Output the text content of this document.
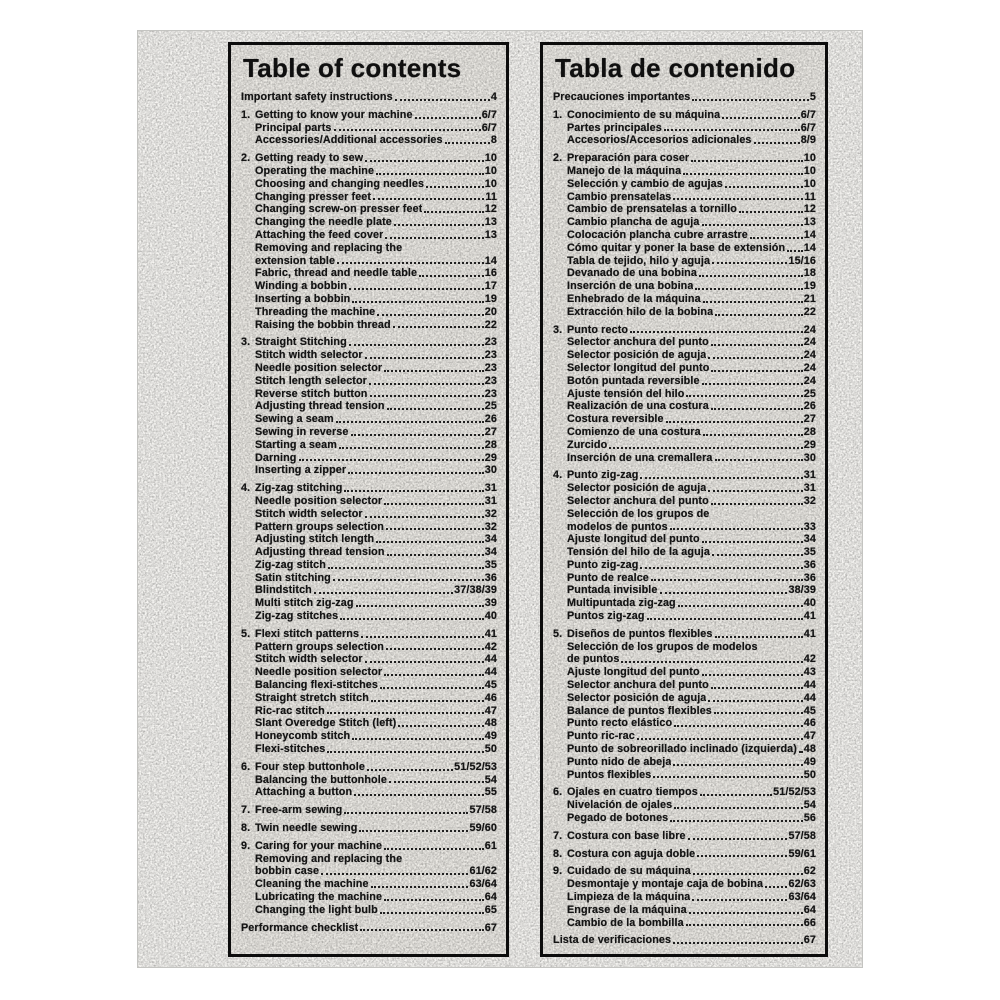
Table of contents
Important safety instructions	4
1. Getting to know your machine	6/7
Principal parts	6/7
Accessories/Additional accessories	8
2. Getting ready to sew	10
Operating the machine	10
Choosing and changing needles	10
Changing presser feet	11
Changing screw-on presser feet	12
Changing the needle plate	13
Attaching the feed cover	13
Removing and replacing the
extension table	14
Fabric, thread and needle table	16
Winding a bobbin	17
Inserting a bobbin	19
Threading the machine	20
Raising the bobbin thread	22
3. Straight Stitching	23
Stitch width selector	23
Needle position selector	23
Stitch length selector	23
Reverse stitch button	23
Adjusting thread tension	25
Sewing a seam	26
Sewing in reverse	27
Starting a seam	28
Darning	29
Inserting a zipper	30
4. Zig-zag stitching	31
Needle position selector	31
Stitch width selector	32
Pattern groups selection	32
Adjusting stitch length	34
Adjusting thread tension	34
Zig-zag stitch	35
Satin stitching	36
Blindstitch	37/38/39
Multi stitch zig-zag	39
Zig-zag stitches	40
5. Flexi stitch patterns	41
Pattern groups selection	42
Stitch width selector	44
Needle position selector	44
Balancing flexi-stitches	45
Straight stretch stitch	46
Ric-rac stitch	47
Slant Overedge Stitch (left)	48
Honeycomb stitch	49
Flexi-stitches	50
6. Four step buttonhole	51/52/53
Balancing the buttonhole	54
Attaching a button	55
7. Free-arm sewing	57/58
8. Twin needle sewing	59/60
9. Caring for your machine	61
Removing and replacing the
bobbin case	61/62
Cleaning the machine	63/64
Lubricating the machine	64
Changing the light bulb	65
Performance checklist	67
Tabla de contenido
Precauciones importantes	5
1. Conocimiento de su máquina	6/7
Partes principales	6/7
Accesorios/Accesorios adicionales	8/9
2. Preparación para coser	10
Manejo de la máquina	10
Selección y cambio de agujas	10
Cambio prensatelas	11
Cambio de prensatelas a tornillo	12
Cambio plancha de aguja	13
Colocación plancha cubre arrastre	14
Cómo quitar y poner la base de extensión 14
Tabla de tejido, hilo y aguja	15/16
Devanado de una bobina	18
Inserción de una bobina	19
Enhebrado de la máquina	21
Extracción hilo de la bobina	22
3. Punto recto	24
Selector anchura del punto	24
Selector posición de aguja	24
Selector longitud del punto	24
Botón puntada reversible	24
Ajuste tensión del hilo	25
Realización de una costura	26
Costura reversible	27
Comienzo de una costura	28
Zurcido	29
Inserción de una cremallera	30
4. Punto zig-zag	31
Selector posición de aguja	31
Selector anchura del punto	32
Selección de los grupos de
modelos de puntos	33
Ajuste longitud del punto	34
Tensión del hilo de la aguja	35
Punto zig-zag	36
Punto de realce	36
Puntada invisible	38/39
Multipuntada zig-zag	40
Puntos zig-zag	41
5. Diseños de puntos flexibles	41
Selección de los grupos de modelos
de puntos	42
Ajuste longitud del punto	43
Selector anchura del punto	44
Selector posición de aguja	44
Balance de puntos flexibles	45
Punto recto elástico	46
Punto ric-rac	47
Punto de sobreorillado inclinado (izquierda) 48
Punto nido de abeja	49
Puntos flexibles	50
6. Ojales en cuatro tiempos	51/52/53
Nivelación de ojales	54
Pegado de botones	56
7. Costura con base libre	57/58
8. Costura con aguja doble	59/61
9. Cuidado de su máquina	62
Desmontaje y montaje caja de bobina 62/63
Limpieza de la máquina	63/64
Engrase de la máquina	64
Cambio de la bombilla	66
Lista de verificaciones	67
